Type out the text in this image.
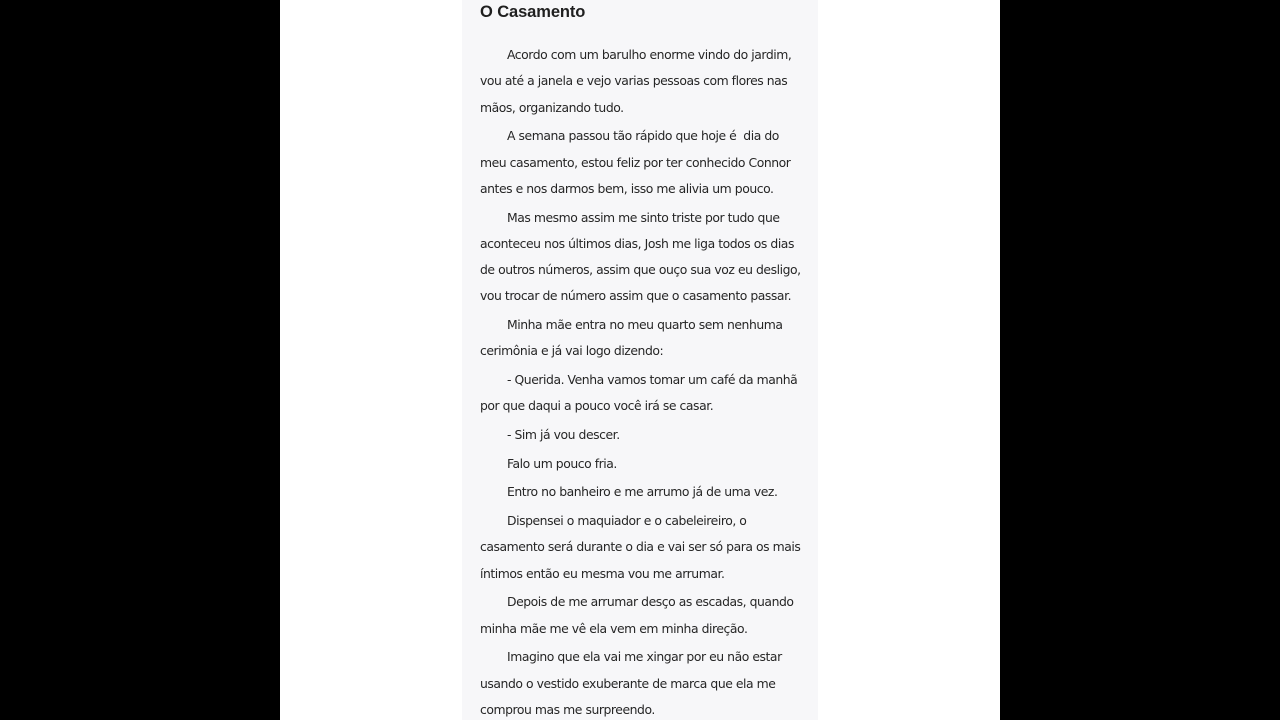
O Casamento

Acordo com um barulho enorme vindo do jardim, vou até a janela e vejo varias pessoas com flores nas mãos, organizando tudo.

A semana passou tão rápido que hoje é  dia do meu casamento, estou feliz por ter conhecido Connor antes e nos darmos bem, isso me alivia um pouco.

Mas mesmo assim me sinto triste por tudo que aconteceu nos últimos dias, Josh me liga todos os dias de outros números, assim que ouço sua voz eu desligo, vou trocar de número assim que o casamento passar.

Minha mãe entra no meu quarto sem nenhuma cerimônia e já vai logo dizendo:

- Querida. Venha vamos tomar um café da manhã por que daqui a pouco você irá se casar.

- Sim já vou descer.

Falo um pouco fria.

Entro no banheiro e me arrumo já de uma vez.

Dispensei o maquiador e o cabeleireiro, o casamento será durante o dia e vai ser só para os mais íntimos então eu mesma vou me arrumar.

Depois de me arrumar desço as escadas, quando minha mãe me vê ela vem em minha direção.

Imagino que ela vai me xingar por eu não estar usando o vestido exuberante de marca que ela me comprou mas me surpreendo.
